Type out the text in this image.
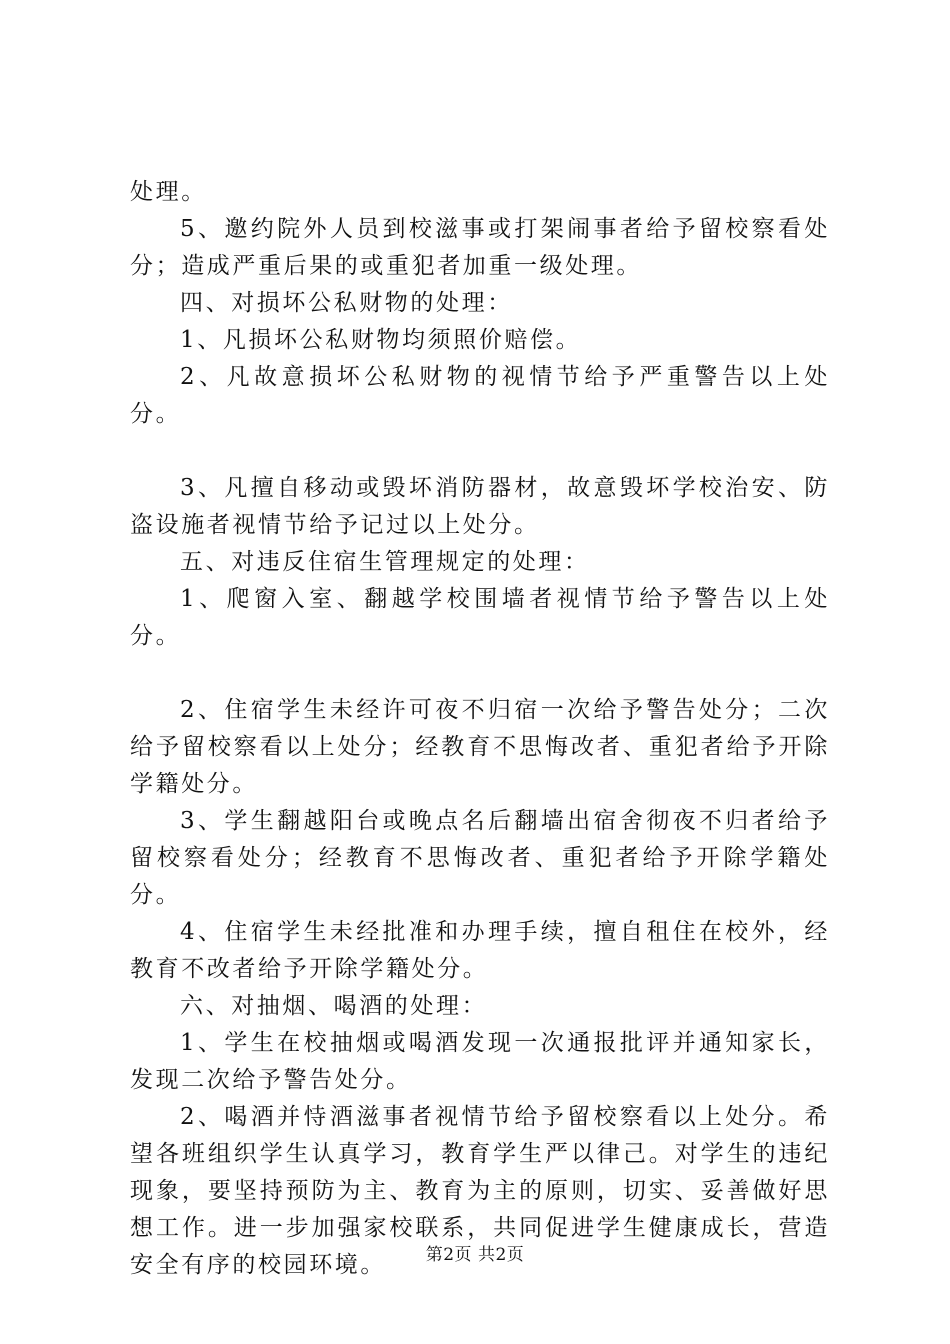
处理。

5、邀约院外人员到校滋事或打架闹事者给予留校察看处分；造成严重后果的或重犯者加重一级处理。

四、对损坏公私财物的处理：

1、凡损坏公私财物均须照价赔偿。

2、凡故意损坏公私财物的视情节给予严重警告以上处分。

3、凡擅自移动或毁坏消防器材，故意毁坏学校治安、防盗设施者视情节给予记过以上处分。

五、对违反住宿生管理规定的处理：

1、爬窗入室、翻越学校围墙者视情节给予警告以上处分。

2、住宿学生未经许可夜不归宿一次给予警告处分；二次给予留校察看以上处分；经教育不思悔改者、重犯者给予开除学籍处分。

3、学生翻越阳台或晚点名后翻墙出宿舍彻夜不归者给予留校察看处分；经教育不思悔改者、重犯者给予开除学籍处分。

4、住宿学生未经批准和办理手续，擅自租住在校外，经教育不改者给予开除学籍处分。

六、对抽烟、喝酒的处理：

1、学生在校抽烟或喝酒发现一次通报批评并通知家长，发现二次给予警告处分。

2、喝酒并恃酒滋事者视情节给予留校察看以上处分。希望各班组织学生认真学习，教育学生严以律己。对学生的违纪现象，要坚持预防为主、教育为主的原则，切实、妥善做好思想工作。进一步加强家校联系，共同促进学生健康成长，营造安全有序的校园环境。	第2页 共2页
